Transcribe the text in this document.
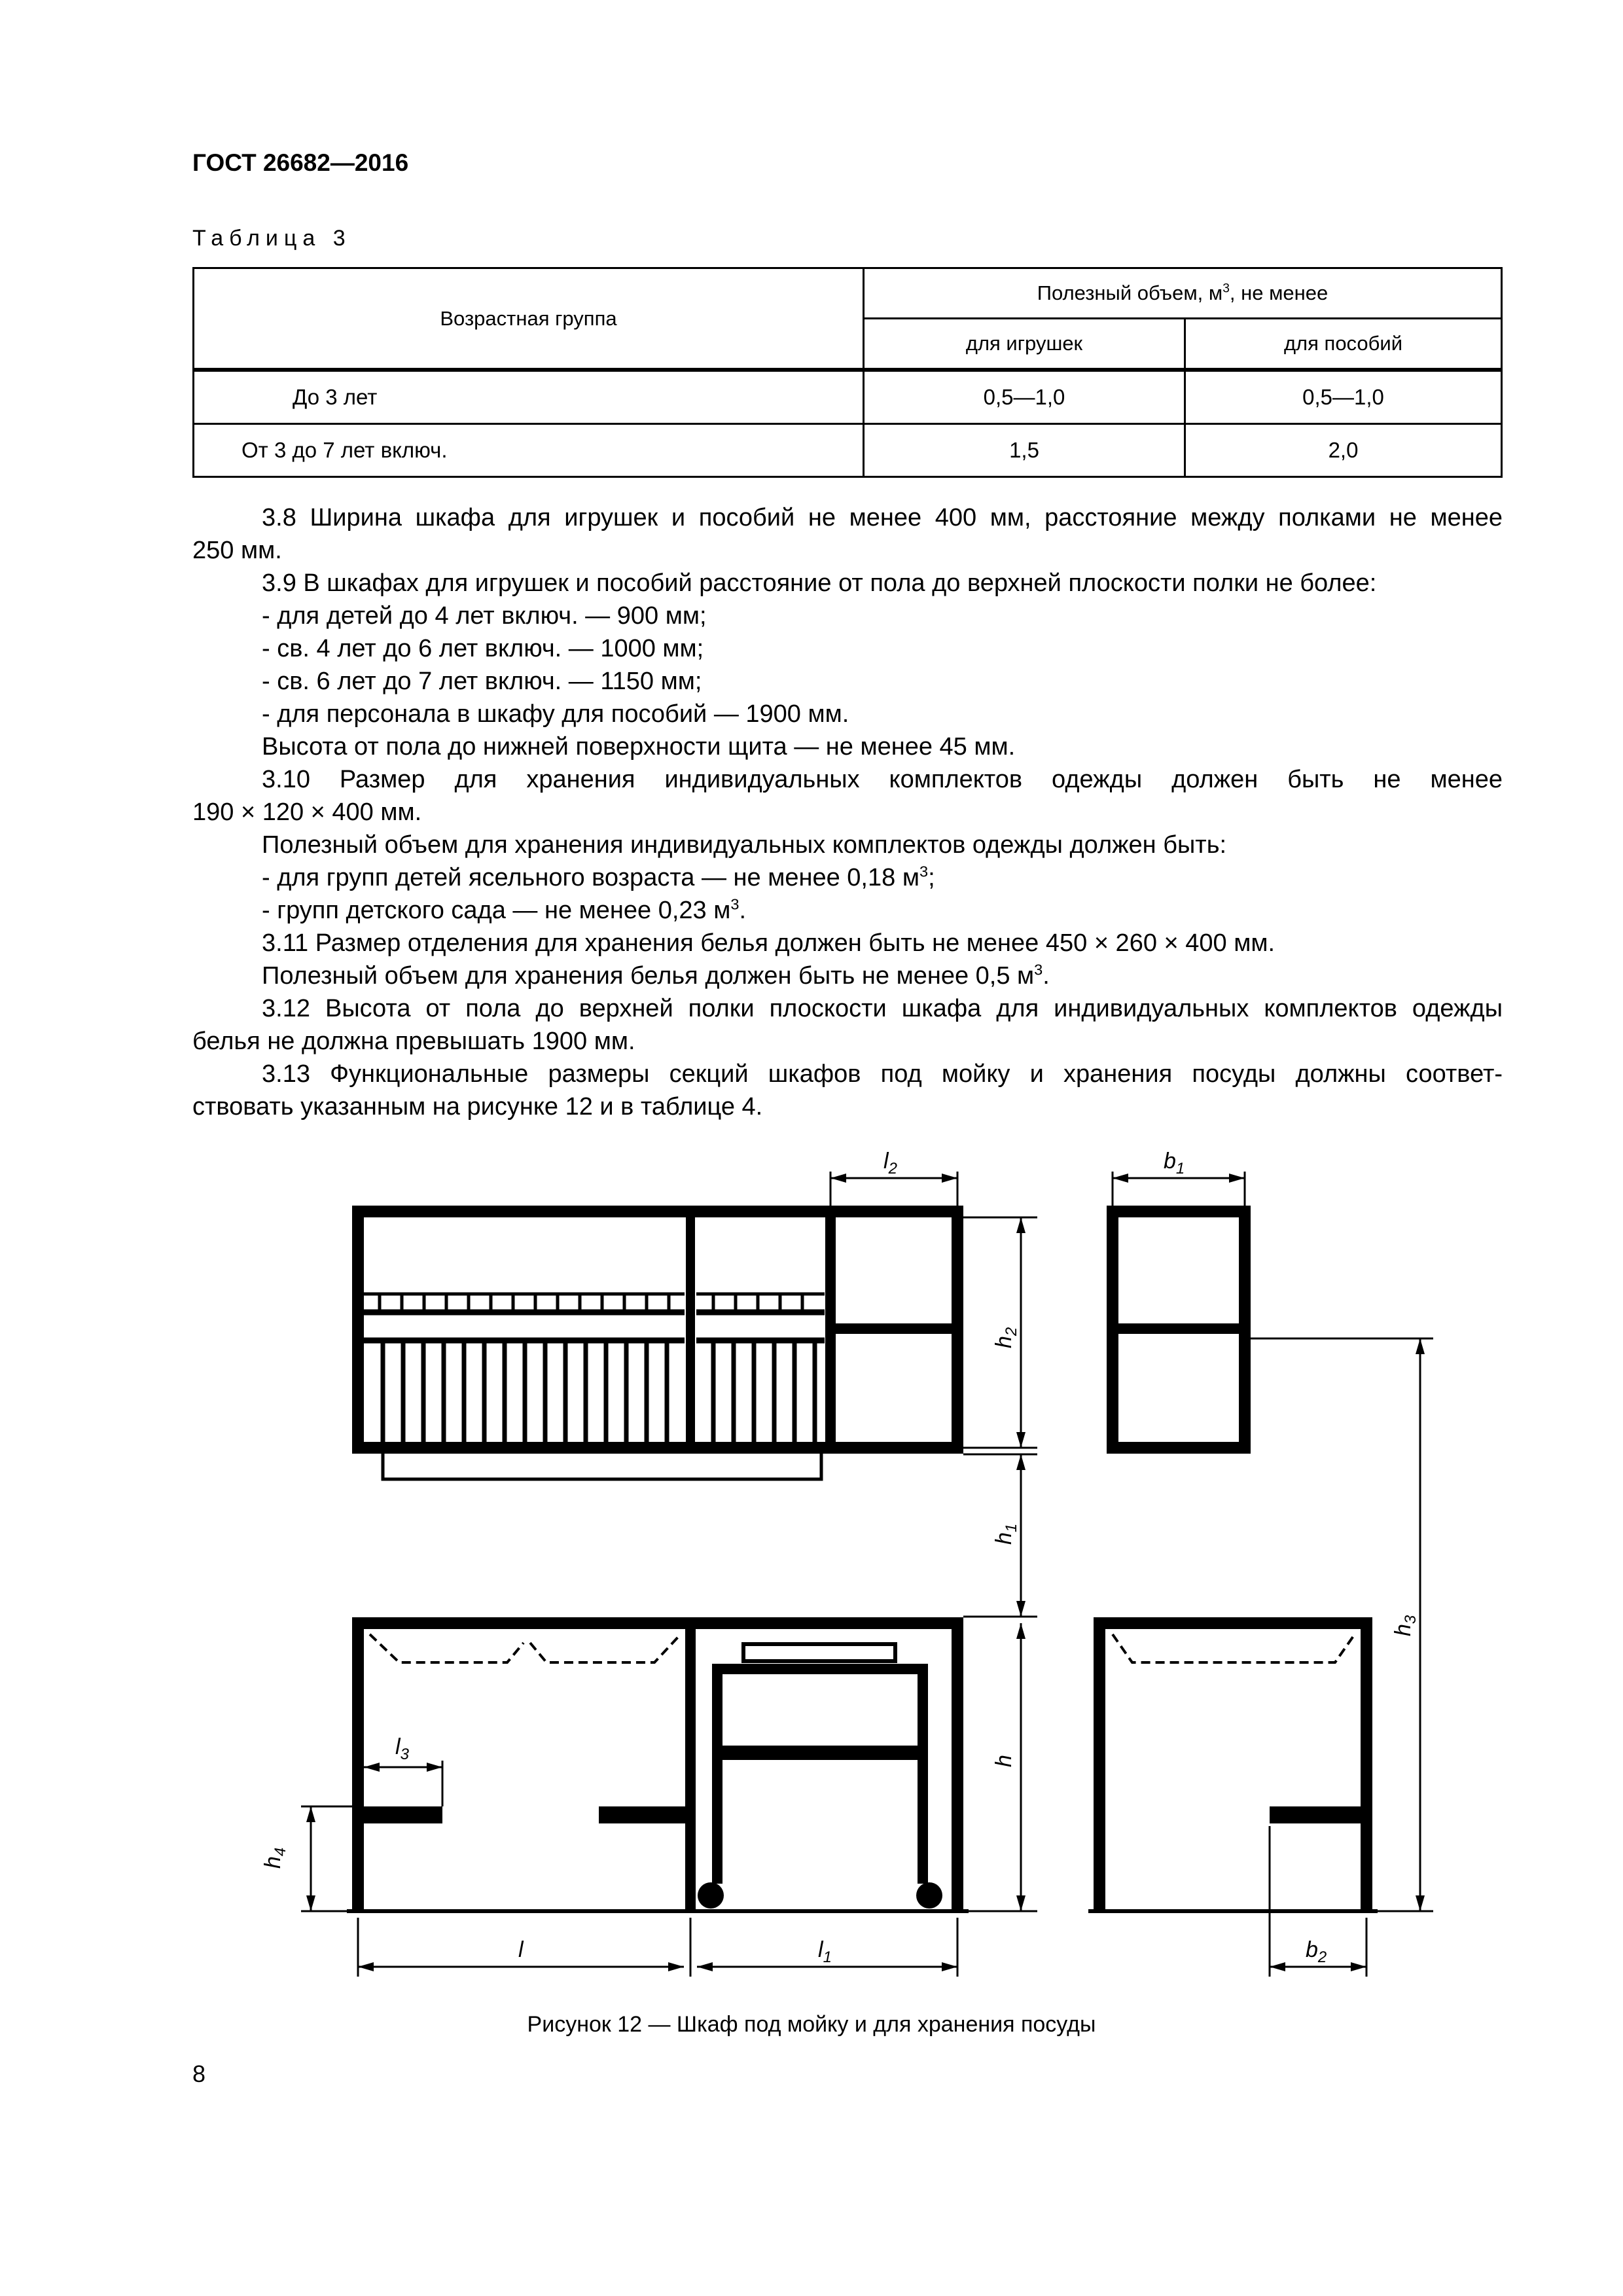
ГОСТ 26682—2016
Таблица 3
Возрастная группа	Полезный объем, $м^3$, не менее	
	для игрушек	для пособий
До 3 лет	0,5—1,0	0,5—1,0
От 3 до 7 лет включ.	1,5	2,0
3.8 Ширина шкафа для игрушек и пособий не менее 400 мм, расстояние между полками не менее
250 мм.
3.9 В шкафах для игрушек и пособий расстояние от пола до верхней плоскости полки не более:
- для детей до 4 лет включ. — 900 мм;
- св. 4 лет до 6 лет включ. — 1000 мм;
- св. 6 лет до 7 лет включ. — 1150 мм;
- для персонала в шкафу для пособий — 1900 мм.
Высота от пола до нижней поверхности щита — не менее 45 мм.
3.10 Размер для хранения индивидуальных комплектов одежды должен быть не менее
190 × 120 × 400 мм.
Полезный объем для хранения индивидуальных комплектов одежды должен быть:
- для групп детей ясельного возраста — не менее 0,18 $м^3$;
- групп детского сада — не менее 0,23 $м^3$.
3.11 Размер отделения для хранения белья должен быть не менее 450 × 260 × 400 мм.
Полезный объем для хранения белья должен быть не менее 0,5 $м^3$.
3.12 Высота от пола до верхней полки плоскости шкафа для индивидуальных комплектов одежды
белья не должна превышать 1900 мм.
3.13 Функциональные размеры секций шкафов под мойку и хранения посуды должны соответ-
ствовать указанным на рисунке 12 и в таблице 4.
$l_2$	$b_1$
$h_2$
$h_1$
h
$h_3$
$l_3$
$h_4$
l	$l_1$	$b_2$
Рисунок 12 — Шкаф под мойку и для хранения посуды
8
